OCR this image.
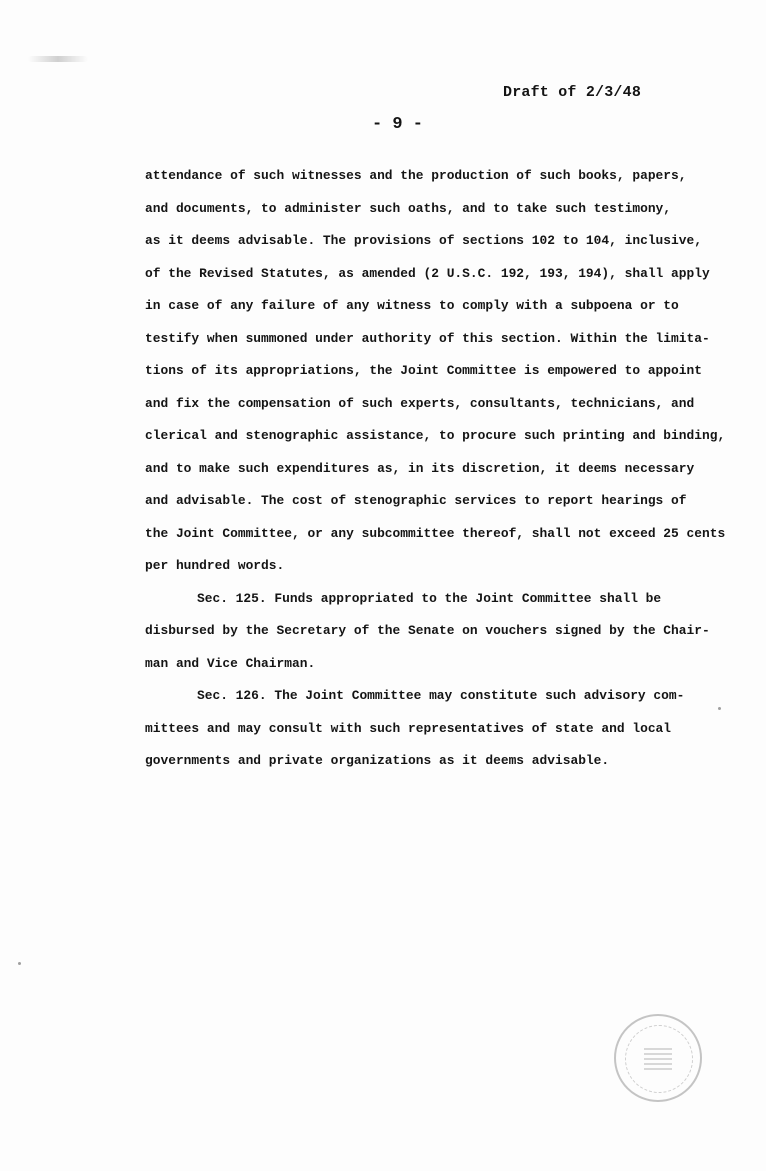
Draft of 2/3/48
- 9 -
attendance of such witnesses and the production of such books, papers,
and documents, to administer such oaths, and to take such testimony,
as it deems advisable. The provisions of sections 102 to 104, inclusive,
of the Revised Statutes, as amended (2 U.S.C. 192, 193, 194), shall apply
in case of any failure of any witness to comply with a subpoena or to
testify when summoned under authority of this section. Within the limita-
tions of its appropriations, the Joint Committee is empowered to appoint
and fix the compensation of such experts, consultants, technicians, and
clerical and stenographic assistance, to procure such printing and binding,
and to make such expenditures as, in its discretion, it deems necessary
and advisable. The cost of stenographic services to report hearings of
the Joint Committee, or any subcommittee thereof, shall not exceed 25 cents
per hundred words.
Sec. 125. Funds appropriated to the Joint Committee shall be
disbursed by the Secretary of the Senate on vouchers signed by the Chair-
man and Vice Chairman.
Sec. 126. The Joint Committee may constitute such advisory com-
mittees and may consult with such representatives of state and local
governments and private organizations as it deems advisable.
